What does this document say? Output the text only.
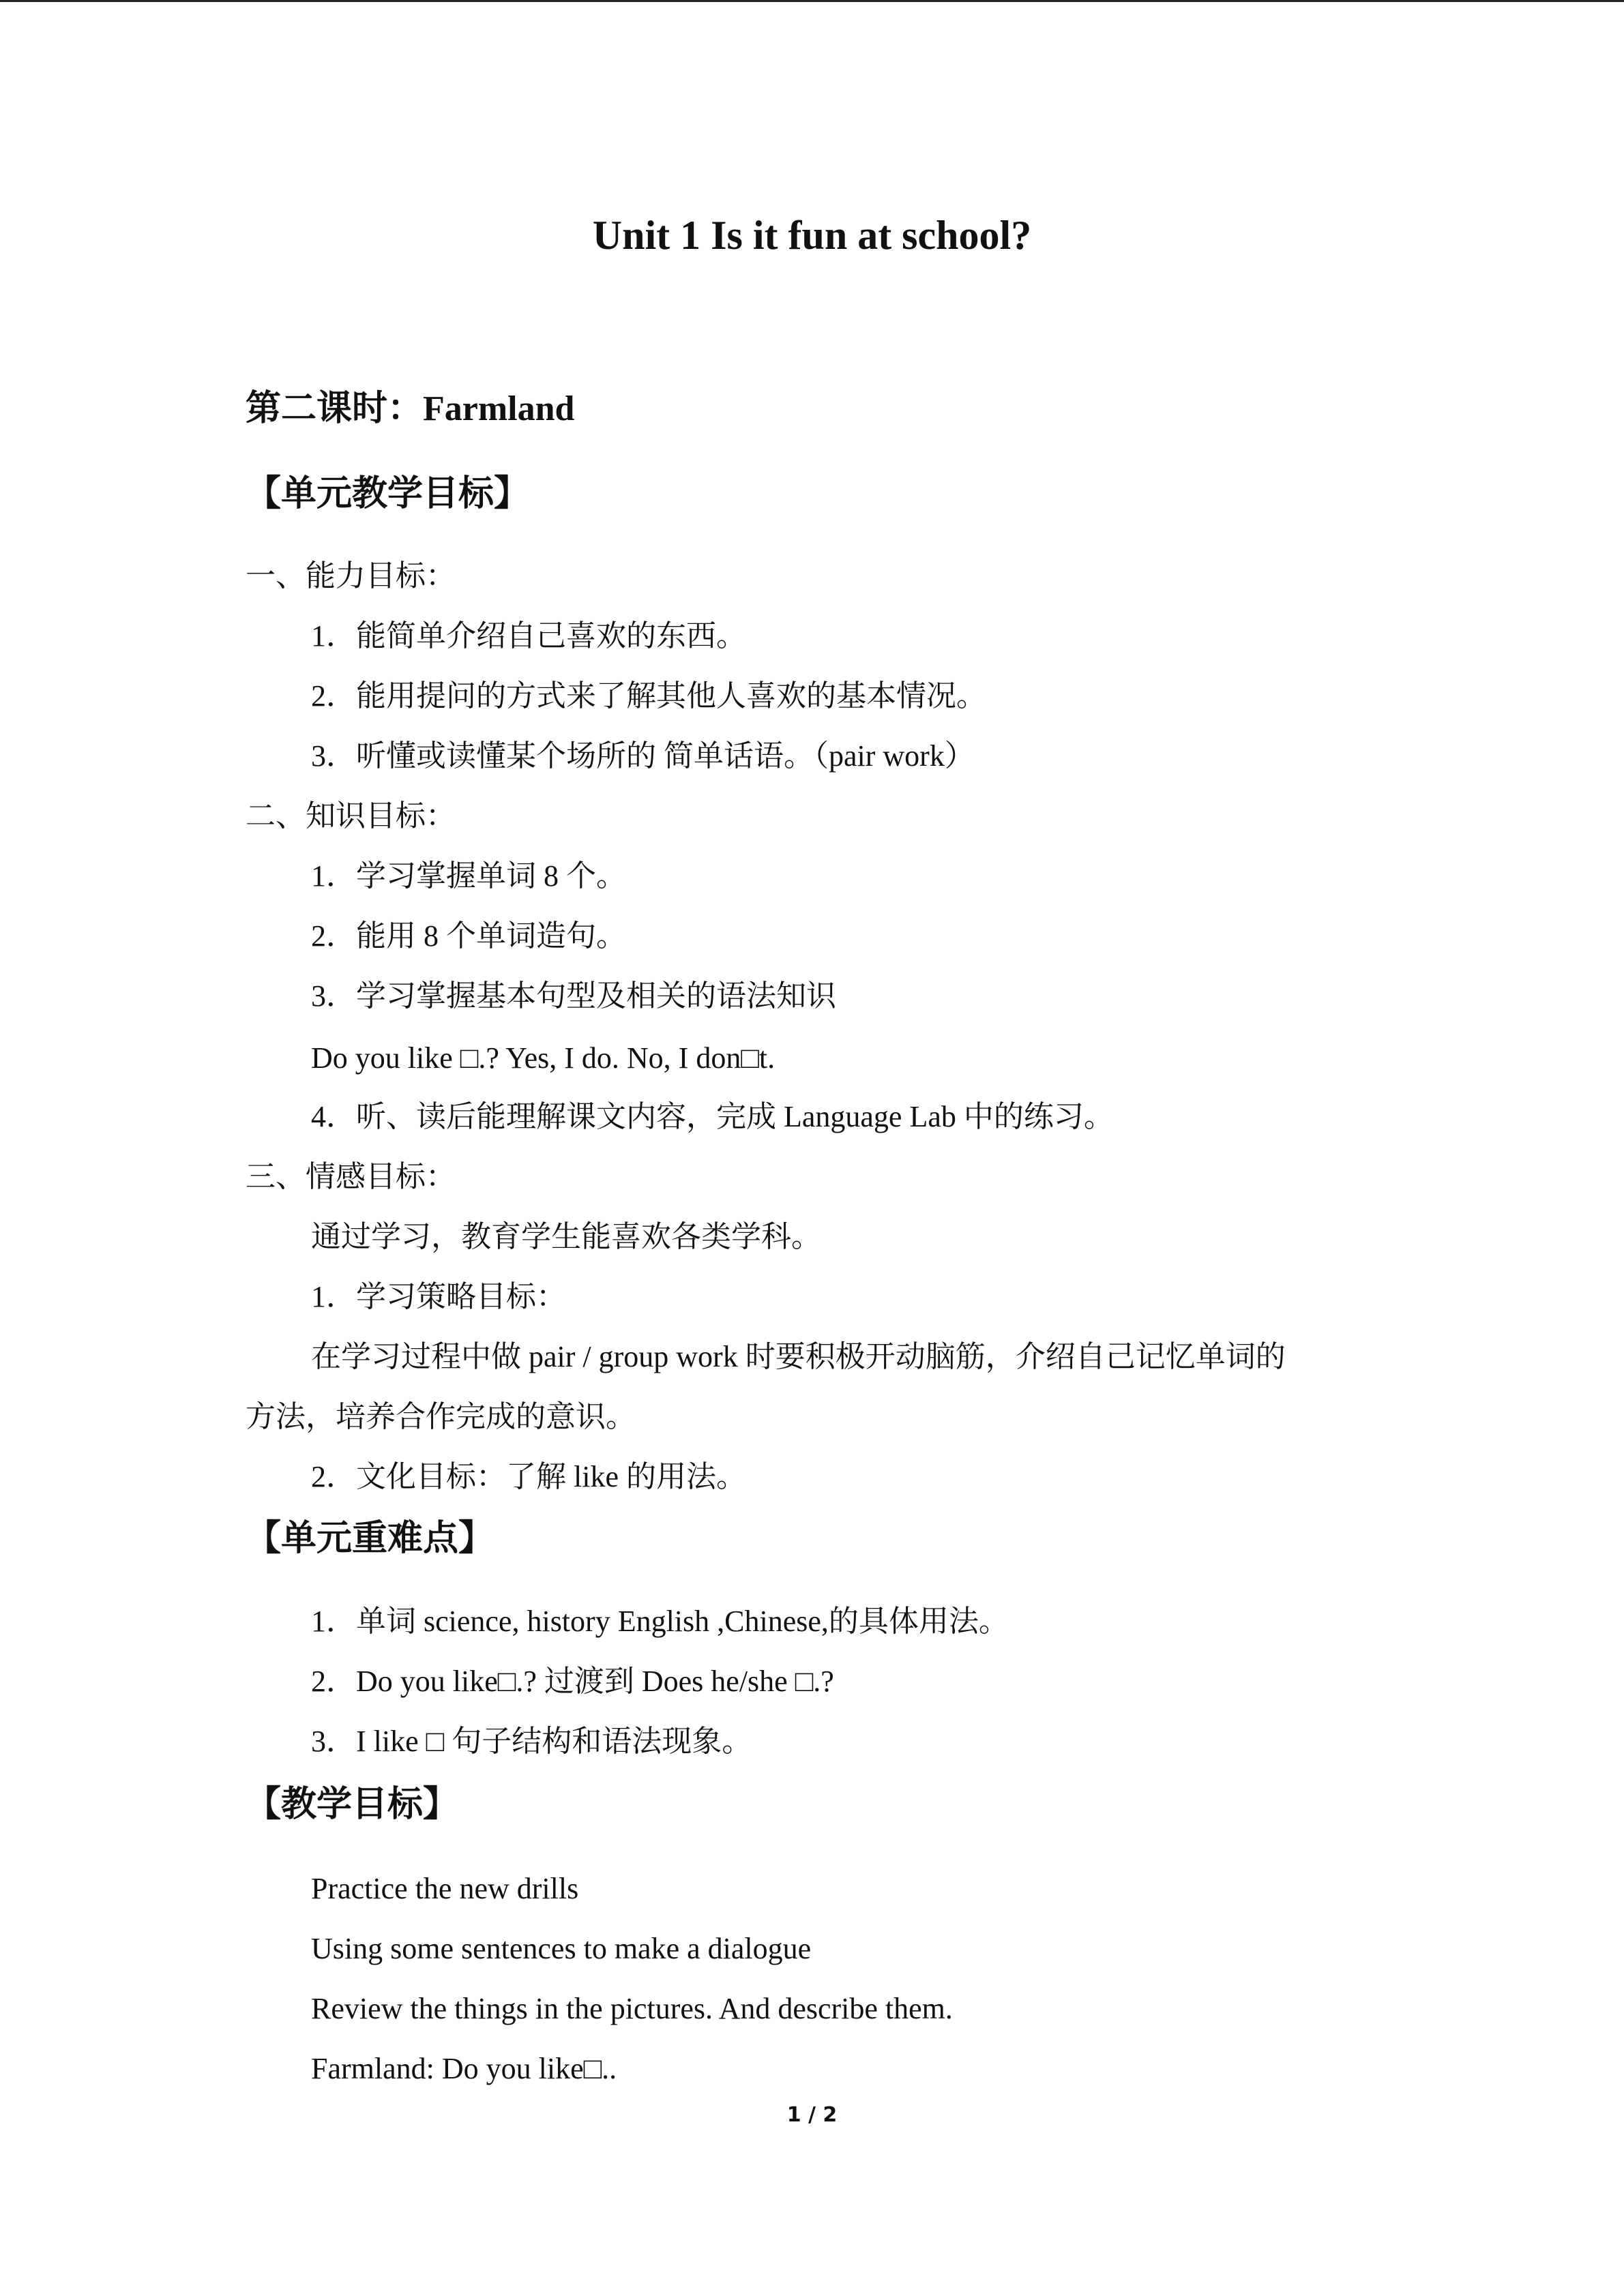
Unit 1 Is it fun at school?
第二课时：Farmland
【单元教学目标】
一、能力目标：
1．能简单介绍自己喜欢的东西。
2．能用提问的方式来了解其他人喜欢的基本情况。
3．听懂或读懂某个场所的 简单话语。（pair work）
二、知识目标：
1．学习掌握单词 8 个。
2．能用 8 个单词造句。
3．学习掌握基本句型及相关的语法知识
Do you like □.? Yes, I do. No, I don□t.
4．听、读后能理解课文内容，完成 Language Lab 中的练习。
三、情感目标：
通过学习，教育学生能喜欢各类学科。
1．学习策略目标：
在学习过程中做 pair / group work 时要积极开动脑筋，介绍自己记忆单词的
方法，培养合作完成的意识。
2．文化目标：了解 like 的用法。
【单元重难点】
1．单词 science, history English ,Chinese,的具体用法。
2．Do you like□.? 过渡到 Does he/she □.?
3．I like □ 句子结构和语法现象。
【教学目标】
Practice the new drills
Using some sentences to make a dialogue
Review the things in the pictures. And describe them.
Farmland: Do you like□..
1 / 2
